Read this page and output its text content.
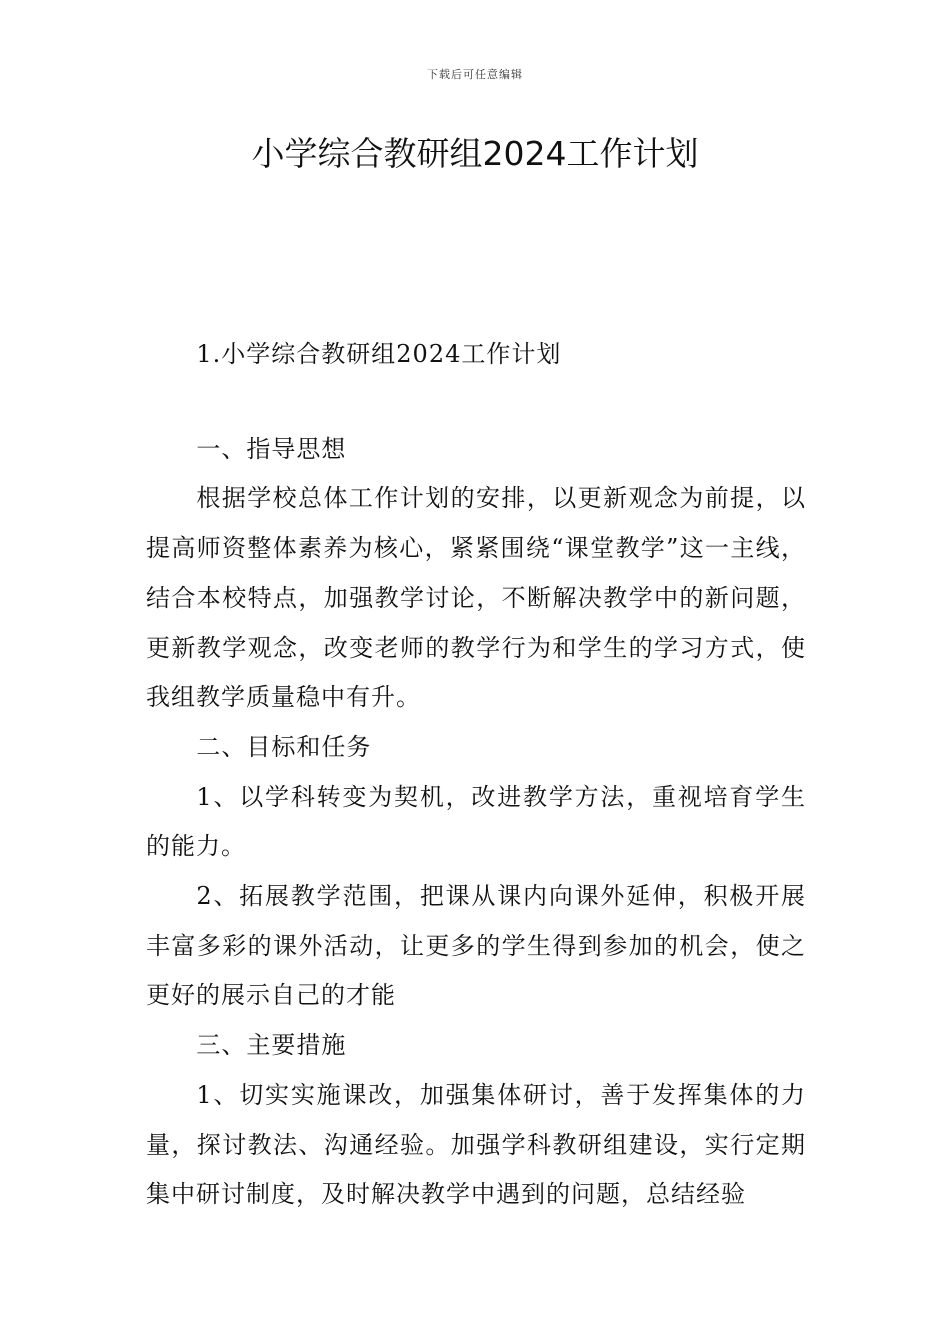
下载后可任意编辑
小学综合教研组2024工作计划

1.小学综合教研组2024工作计划

一、指导思想

根据学校总体工作计划的安排，以更新观念为前提，以提高师资整体素养为核心，紧紧围绕“课堂教学”这一主线，结合本校特点，加强教学讨论，不断解决教学中的新问题，更新教学观念，改变老师的教学行为和学生的学习方式，使我组教学质量稳中有升。

二、目标和任务

1、以学科转变为契机，改进教学方法，重视培育学生的能力。

2、拓展教学范围，把课从课内向课外延伸，积极开展丰富多彩的课外活动，让更多的学生得到参加的机会，使之更好的展示自己的才能

三、主要措施

1、切实实施课改，加强集体研讨，善于发挥集体的力量，探讨教法、沟通经验。加强学科教研组建设，实行定期集中研讨制度，及时解决教学中遇到的问题，总结经验
